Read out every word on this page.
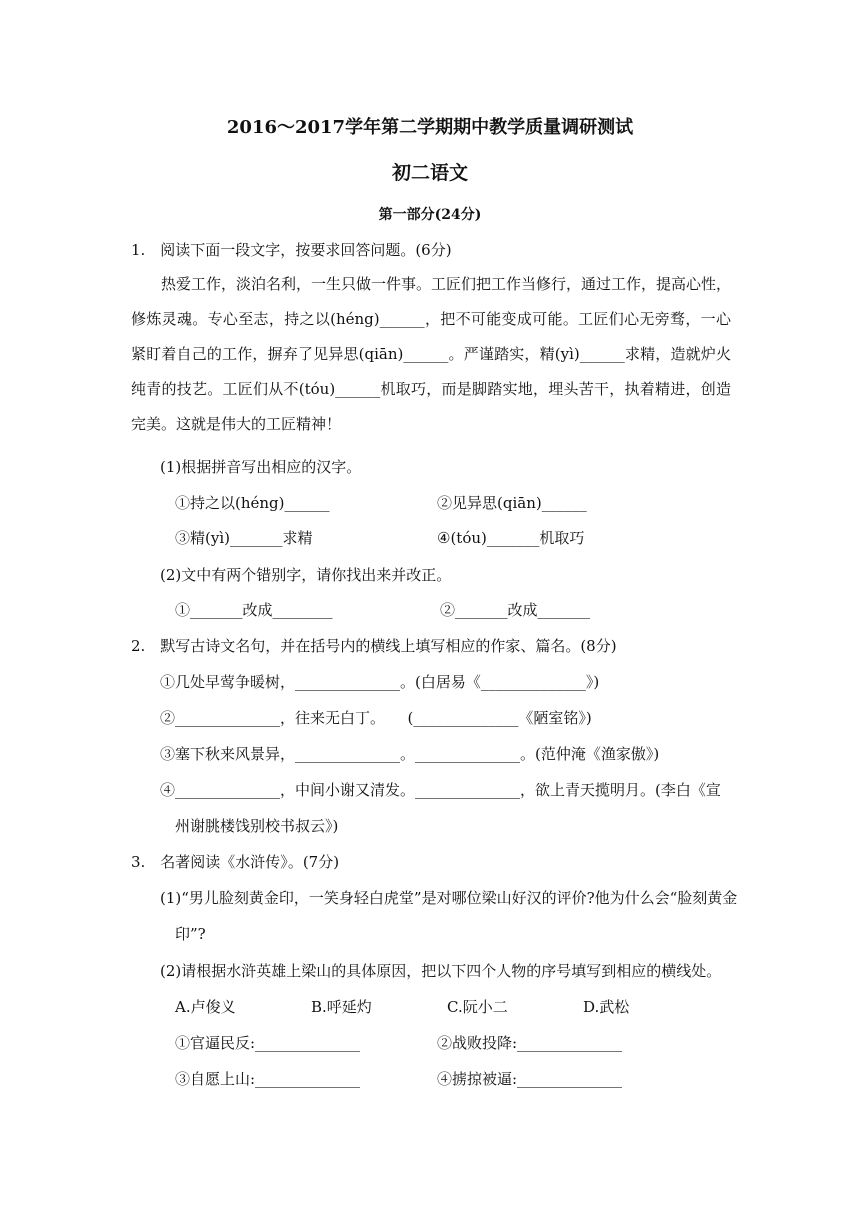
2016～2017学年第二学期期中教学质量调研测试
初二语文
第一部分(24分)
1.　阅读下面一段文字，按要求回答问题。(6分)
热爱工作，淡泊名利，一生只做一件事。工匠们把工作当修行，通过工作，提高心性，修炼灵魂。专心至志，持之以(héng)______，把不可能变成可能。工匠们心无旁骛，一心紧盯着自己的工作，摒弃了见异思(qiān)______。严谨踏实，精(yì)______求精，造就炉火纯青的技艺。工匠们从不(tóu)______机取巧，而是脚踏实地，埋头苦干，执着精进，创造完美。这就是伟大的工匠精神！
(1)根据拼音写出相应的汉字。
①持之以(héng)______	②见异思(qiān)______
③精(yì)_______求精	④(tóu)_______机取巧
(2)文中有两个错别字，请你找出来并改正。
①_______改成________	②_______改成_______
2.　默写古诗文名句，并在括号内的横线上填写相应的作家、篇名。(8分)
①几处早莺争暖树，______________。(白居易《______________》)
②______________，往来无白丁。　　(______________《陋室铭》)
③塞下秋来风景异，______________。______________。(范仲淹《渔家傲》)
④______________，中间小谢又清发。______________，欲上青天揽明月。(李白《宣
州谢朓楼饯别校书叔云》)
3.　名著阅读《水浒传》。(7分)
(1)“男儿脸刻黄金印，一笑身轻白虎堂”是对哪位梁山好汉的评价?他为什么会“脸刻黄金
印”?
(2)请根据水浒英雄上梁山的具体原因，把以下四个人物的序号填写到相应的横线处。
A.卢俊义	B.呼延灼	C.阮小二	D.武松
①官逼民反:______________	②战败投降:______________
③自愿上山:______________	④掳掠被逼:______________
